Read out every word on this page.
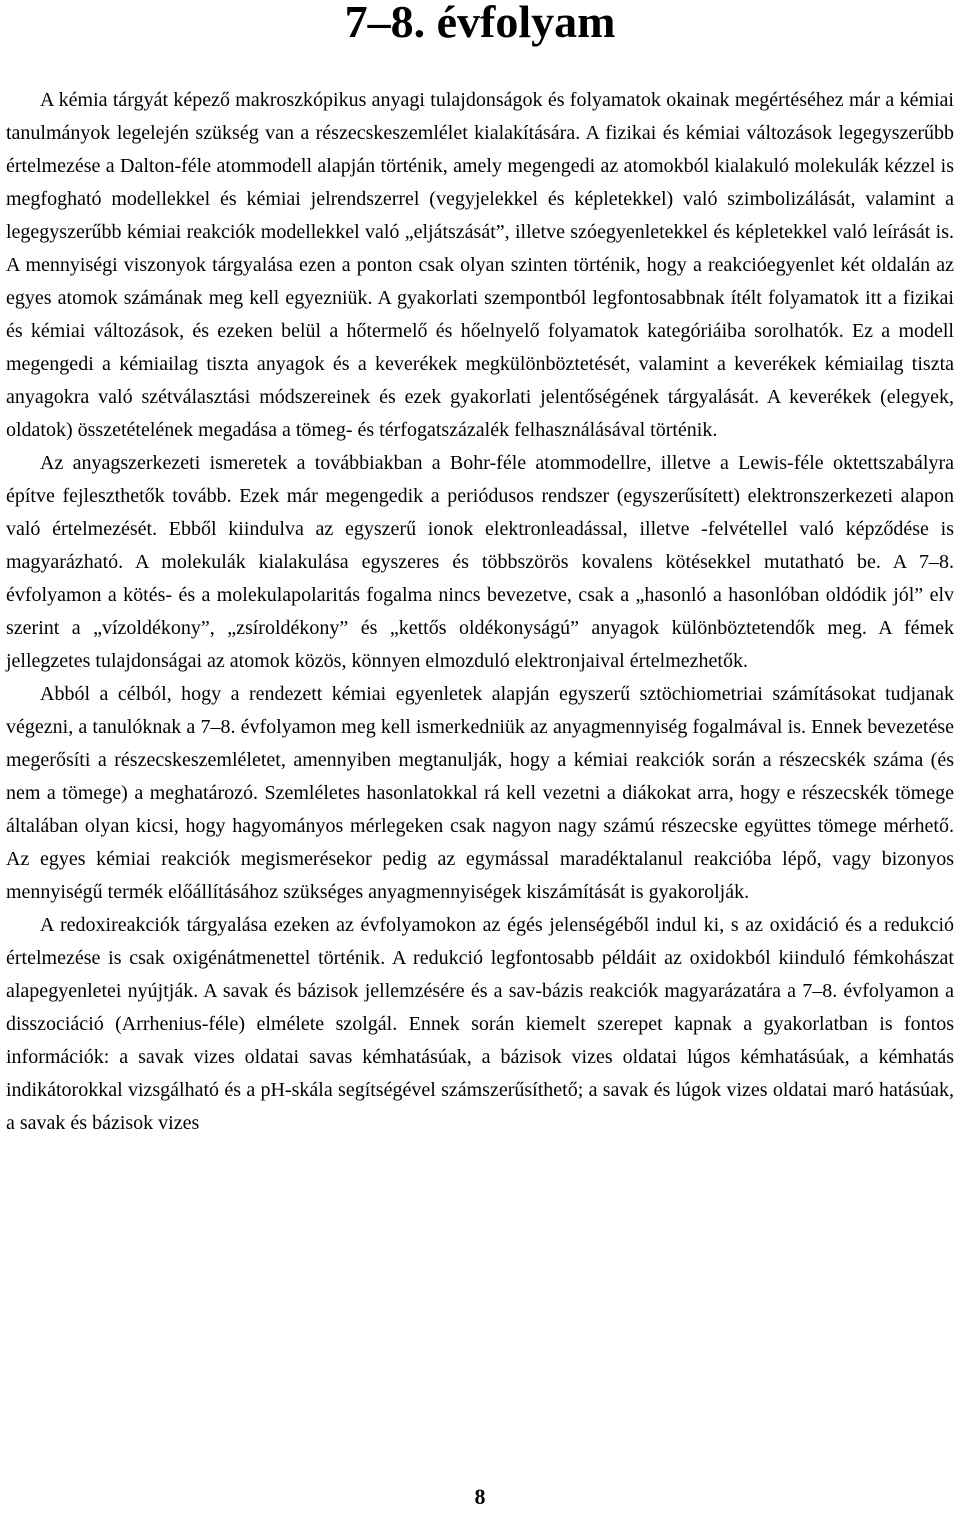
7–8. évfolyam

A kémia tárgyát képező makroszkópikus anyagi tulajdonságok és folyamatok okainak megértéséhez már a kémiai tanulmányok legelején szükség van a részecskeszemlélet kialakítására. A fizikai és kémiai változások legegyszerűbb értelmezése a Dalton-féle atommodell alapján történik, amely megengedi az atomokból kialakuló molekulák kézzel is megfogható modellekkel és kémiai jelrendszerrel (vegyjelekkel és képletekkel) való szimbolizálását, valamint a legegyszerűbb kémiai reakciók modellekkel való „eljátszását”, illetve szóegyenletekkel és képletekkel való leírását is. A mennyiségi viszonyok tárgyalása ezen a ponton csak olyan szinten történik, hogy a reakcióegyenlet két oldalán az egyes atomok számának meg kell egyezniük. A gyakorlati szempontból legfontosabbnak ítélt folyamatok itt a fizikai és kémiai változások, és ezeken belül a hőtermelő és hőelnyelő folyamatok kategóriáiba sorolhatók. Ez a modell megengedi a kémiailag tiszta anyagok és a keverékek megkülönböztetését, valamint a keverékek kémiailag tiszta anyagokra való szétválasztási módszereinek és ezek gyakorlati jelentőségének tárgyalását. A keverékek (elegyek, oldatok) összetételének megadása a tömeg- és térfogatszázalék felhasználásával történik.

Az anyagszerkezeti ismeretek a továbbiakban a Bohr-féle atommodellre, illetve a Lewis-féle oktettszabályra építve fejleszthetők tovább. Ezek már megengedik a periódusos rendszer (egyszerűsített) elektronszerkezeti alapon való értelmezését. Ebből kiindulva az egyszerű ionok elektronleadással, illetve -felvétellel való képződése is magyarázható. A molekulák kialakulása egyszeres és többszörös kovalens kötésekkel mutatható be. A 7–8. évfolyamon a kötés- és a molekulapolaritás fogalma nincs bevezetve, csak a „hasonló a hasonlóban oldódik jól” elv szerint a „vízoldékony”, „zsíroldékony” és „kettős oldékonyságú” anyagok különböztetendők meg. A fémek jellegzetes tulajdonságai az atomok közös, könnyen elmozduló elektronjaival értelmezhetők.

Abból a célból, hogy a rendezett kémiai egyenletek alapján egyszerű sztöchiometriai számításokat tudjanak végezni, a tanulóknak a 7–8. évfolyamon meg kell ismerkedniük az anyagmennyiség fogalmával is. Ennek bevezetése megerősíti a részecskeszemléletet, amennyiben megtanulják, hogy a kémiai reakciók során a részecskék száma (és nem a tömege) a meghatározó. Szemléletes hasonlatokkal rá kell vezetni a diákokat arra, hogy e részecskék tömege általában olyan kicsi, hogy hagyományos mérlegeken csak nagyon nagy számú részecske együttes tömege mérhető. Az egyes kémiai reakciók megismerésekor pedig az egymással maradéktalanul reakcióba lépő, vagy bizonyos mennyiségű termék előállításához szükséges anyagmennyiségek kiszámítását is gyakorolják.

A redoxireakciók tárgyalása ezeken az évfolyamokon az égés jelenségéből indul ki, s az oxidáció és a redukció értelmezése is csak oxigénátmenettel történik. A redukció legfontosabb példáit az oxidokból kiinduló fémkohászat alapegyenletei nyújtják. A savak és bázisok jellemzésére és a sav-bázis reakciók magyarázatára a 7–8. évfolyamon a disszociáció (Arrhenius-féle) elmélete szolgál. Ennek során kiemelt szerepet kapnak a gyakorlatban is fontos információk: a savak vizes oldatai savas kémhatásúak, a bázisok vizes oldatai lúgos kémhatásúak, a kémhatás indikátorokkal vizsgálható és a pH-skála segítségével számszerűsíthető; a savak és lúgok vizes oldatai maró hatásúak, a savak és bázisok vizes

8
